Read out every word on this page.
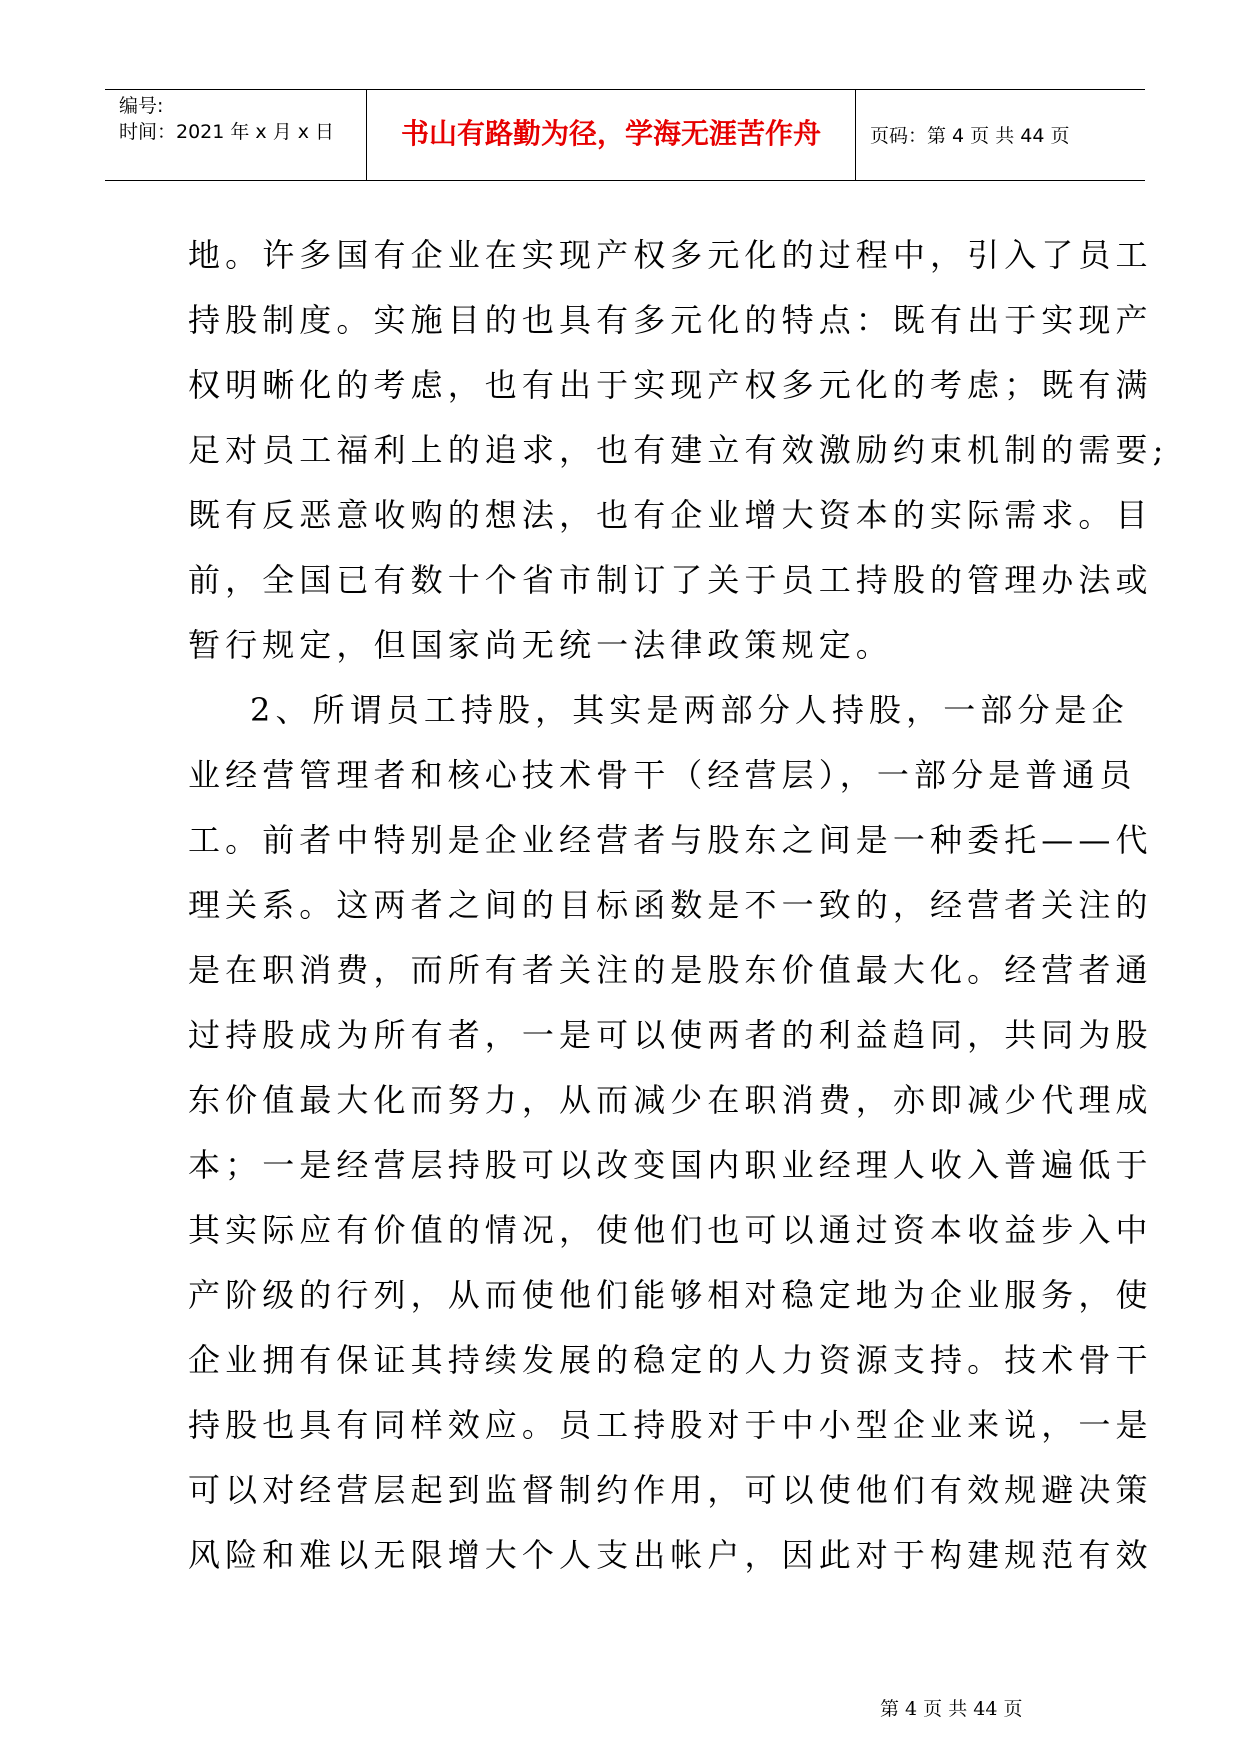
编号:
时间：2021 年 x 月 x 日	书山有路勤为径，学海无涯苦作舟	页码：第 4 页 共 44 页
地。许多国有企业在实现产权多元化的过程中，引入了员工
持股制度。实施目的也具有多元化的特点：既有出于实现产
权明晰化的考虑，也有出于实现产权多元化的考虑；既有满
足对员工福利上的追求，也有建立有效激励约束机制的需要;
既有反恶意收购的想法，也有企业增大资本的实际需求。目
前，全国已有数十个省市制订了关于员工持股的管理办法或
暂行规定，但国家尚无统一法律政策规定。
2、所谓员工持股，其实是两部分人持股，一部分是企
业经营管理者和核心技术骨干（经营层），一部分是普通员
工。前者中特别是企业经营者与股东之间是一种委托——代
理关系。这两者之间的目标函数是不一致的，经营者关注的
是在职消费，而所有者关注的是股东价值最大化。经营者通
过持股成为所有者，一是可以使两者的利益趋同，共同为股
东价值最大化而努力，从而减少在职消费，亦即减少代理成
本；一是经营层持股可以改变国内职业经理人收入普遍低于
其实际应有价值的情况，使他们也可以通过资本收益步入中
产阶级的行列，从而使他们能够相对稳定地为企业服务，使
企业拥有保证其持续发展的稳定的人力资源支持。技术骨干
持股也具有同样效应。员工持股对于中小型企业来说，一是
可以对经营层起到监督制约作用，可以使他们有效规避决策
风险和难以无限增大个人支出帐户，因此对于构建规范有效
第 4 页 共 44 页
